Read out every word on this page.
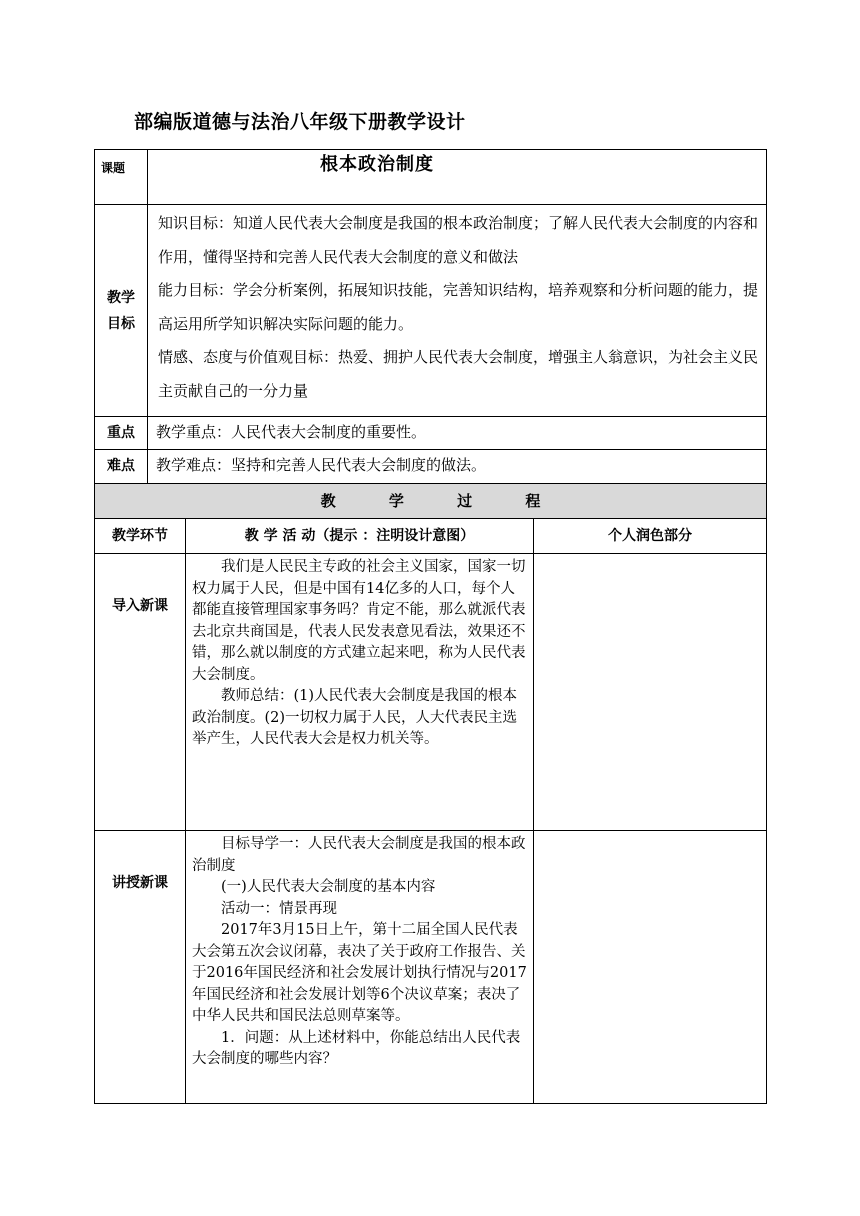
部编版道德与法治八年级下册教学设计
课题	根本政治制度		
教学目标	知识目标：知道人民代表大会制度是我国的根本政治制度；了解人民代表大会制度的内容和作用，懂得坚持和完善人民代表大会制度的意义和做法
能力目标：学会分析案例，拓展知识技能，完善知识结构，培养观察和分析问题的能力，提高运用所学知识解决实际问题的能力。
情感、态度与价值观目标：热爱、拥护人民代表大会制度，增强主人翁意识，为社会主义民主贡献自己的一分力量		

重点	教学重点：人民代表大会制度的重要性。		
难点	教学难点：坚持和完善人民代表大会制度的做法。		
教 学 过 程			
教学环节		教 学 活 动（提示 ：注明设计意图）	个人润色部分
导入新课		我们是人民民主专政的社会主义国家，国家一切权力属于人民，但是中国有14亿多的人口，每个人都能直接管理国家事务吗？肯定不能，那么就派代表去北京共商国是，代表人民发表意见看法，效果还不错，那么就以制度的方式建立起来吧，称为人民代表大会制度。

教师总结：(1)人民代表大会制度是我国的根本政治制度。(2)一切权力属于人民，人大代表民主选举产生，人民代表大会是权力机关等。	

讲授新课		目标导学一：人民代表大会制度是我国的根本政治制度

(一)人民代表大会制度的基本内容

活动一：情景再现

2017年3月15日上午，第十二届全国人民代表大会第五次会议闭幕，表决了关于政府工作报告、关于2016年国民经济和社会发展计划执行情况与2017年国民经济和社会发展计划等6个决议草案；表决了中华人民共和国民法总则草案等。

1．问题：从上述材料中，你能总结出人民代表大会制度的哪些内容？	
